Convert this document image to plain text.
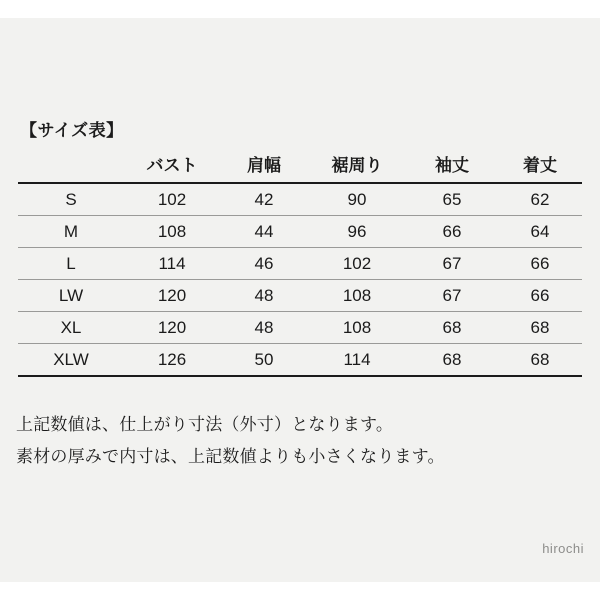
【サイズ表】
	バスト	肩幅	裾周り	袖丈	着丈
S	102	42	90	65	62
M	108	44	96	66	64
L	114	46	102	67	66
LW	120	48	108	67	66
XL	120	48	108	68	68
XLW	126	50	114	68	68
上記数値は、仕上がり寸法（外寸）となります。
素材の厚みで内寸は、上記数値よりも小さくなります。
hirochi
